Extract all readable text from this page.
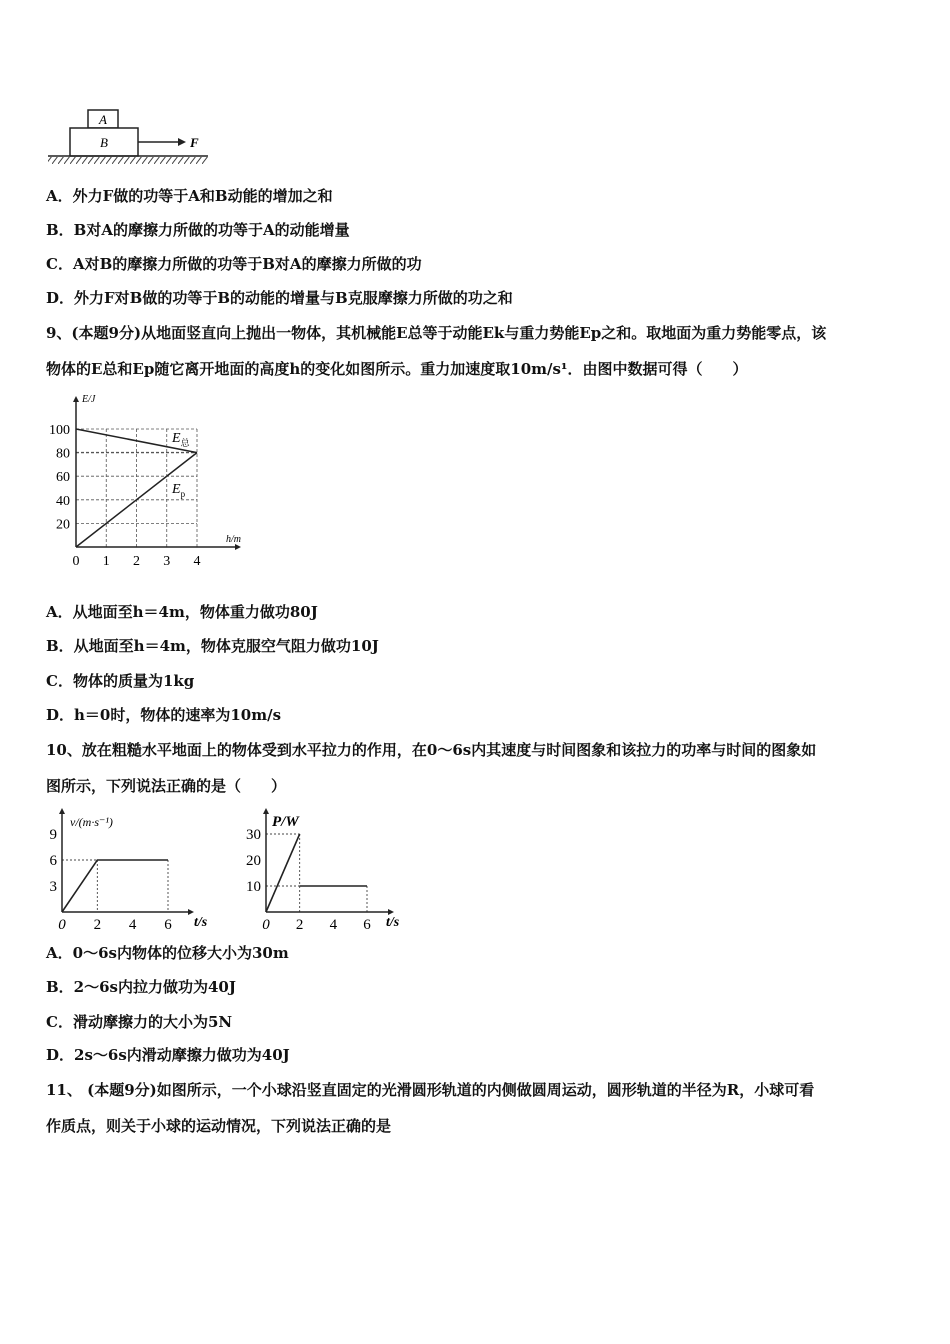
A
B	F
A．外力F做的功等于A和B动能的增加之和
B．B对A的摩擦力所做的功等于A的动能增量
C．A对B的摩擦力所做的功等于B对A的摩擦力所做的功
D．外力F对B做的功等于B的动能的增量与B克服摩擦力所做的功之和
9、(本题9分)从地面竖直向上抛出一物体，其机械能E总等于动能Ek与重力势能Ep之和。取地面为重力势能零点，该
物体的E总和Ep随它离开地面的高度h的变化如图所示。重力加速度取10m/s¹．由图中数据可得（　　）
0 1 2 3 4
20
40
60
80
100
E/J
h/m
$E_总$
$E_p$
A．从地面至h＝4m，物体重力做功80J
B．从地面至h＝4m，物体克服空气阻力做功10J
C．物体的质量为1kg
D．h＝0时，物体的速率为10m/s
10、放在粗糙水平地面上的物体受到水平拉力的作用，在0～6s内其速度与时间图象和该拉力的功率与时间的图象如
图所示，下列说法正确的是（　　）
0 2 4 6
3
6
9
v/(m·s⁻¹)
t/s	0 2 4 6
10
20
30
P/W
t/s
A．0～6s内物体的位移大小为30m
B．2～6s内拉力做功为40J
C．滑动摩擦力的大小为5N
D．2s～6s内滑动摩擦力做功为40J
11、 (本题9分)如图所示，一个小球沿竖直固定的光滑圆形轨道的内侧做圆周运动，圆形轨道的半径为R，小球可看
作质点，则关于小球的运动情况，下列说法正确的是
